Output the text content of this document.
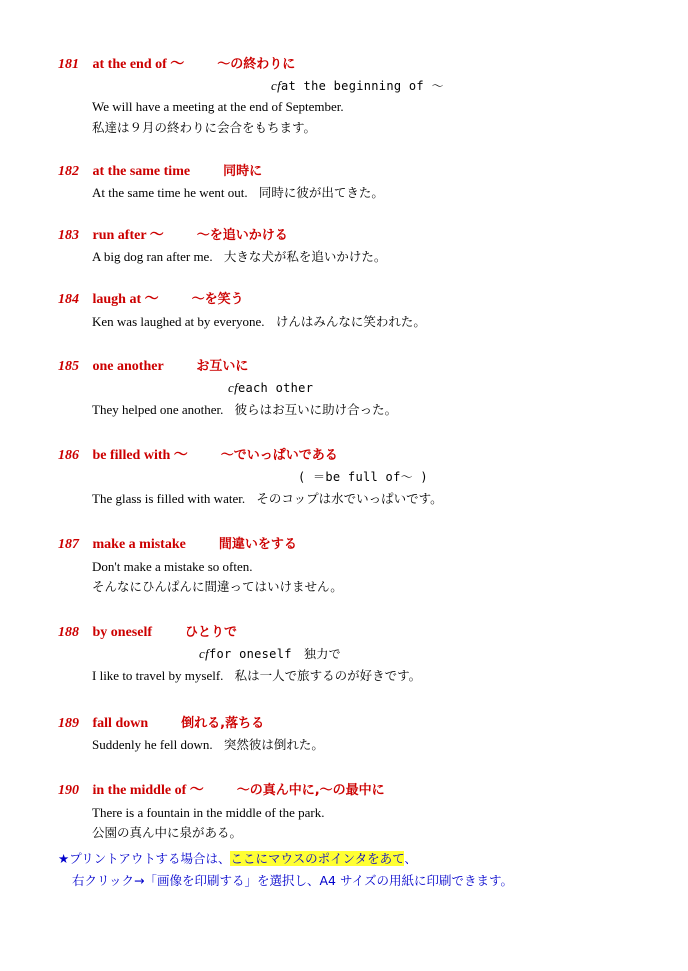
181 at the end of ～	～の終わりに
cfat the beginning of ～
We will have a meeting at the end of September.
私達は９月の終わりに会合をもちます。
182 at the same time	同時に
At the same time he went out. 同時に彼が出てきた。
183 run after ～	～を追いかける
A big dog ran after me. 大きな犬が私を追いかけた。
184 laugh at ～	～を笑う
Ken was laughed at by everyone. けんはみんなに笑われた。
185 one another	お互いに
cfeach other
They helped one another. 彼らはお互いに助け合った。
186 be filled with ～	～でいっぱいである
( ＝be full of～ )
The glass is filled with water. そのコップは水でいっぱいです。
187 make a mistake	間違いをする
Don't make a mistake so often.
そんなにひんぱんに間違ってはいけません。
188 by oneself	ひとりで
cffor oneself　独力で
I like to travel by myself. 私は一人で旅するのが好きです。
189 fall down	倒れる,落ちる
Suddenly he fell down. 突然彼は倒れた。
190 in the middle of ～	～の真ん中に,～の最中に
There is a fountain in the middle of the park.
公園の真ん中に泉がある。
★プリントアウトする場合は、ここにマウスのポインタをあて、
右クリック→「画像を印刷する」を選択し、A4 サイズの用紙に印刷できます。
